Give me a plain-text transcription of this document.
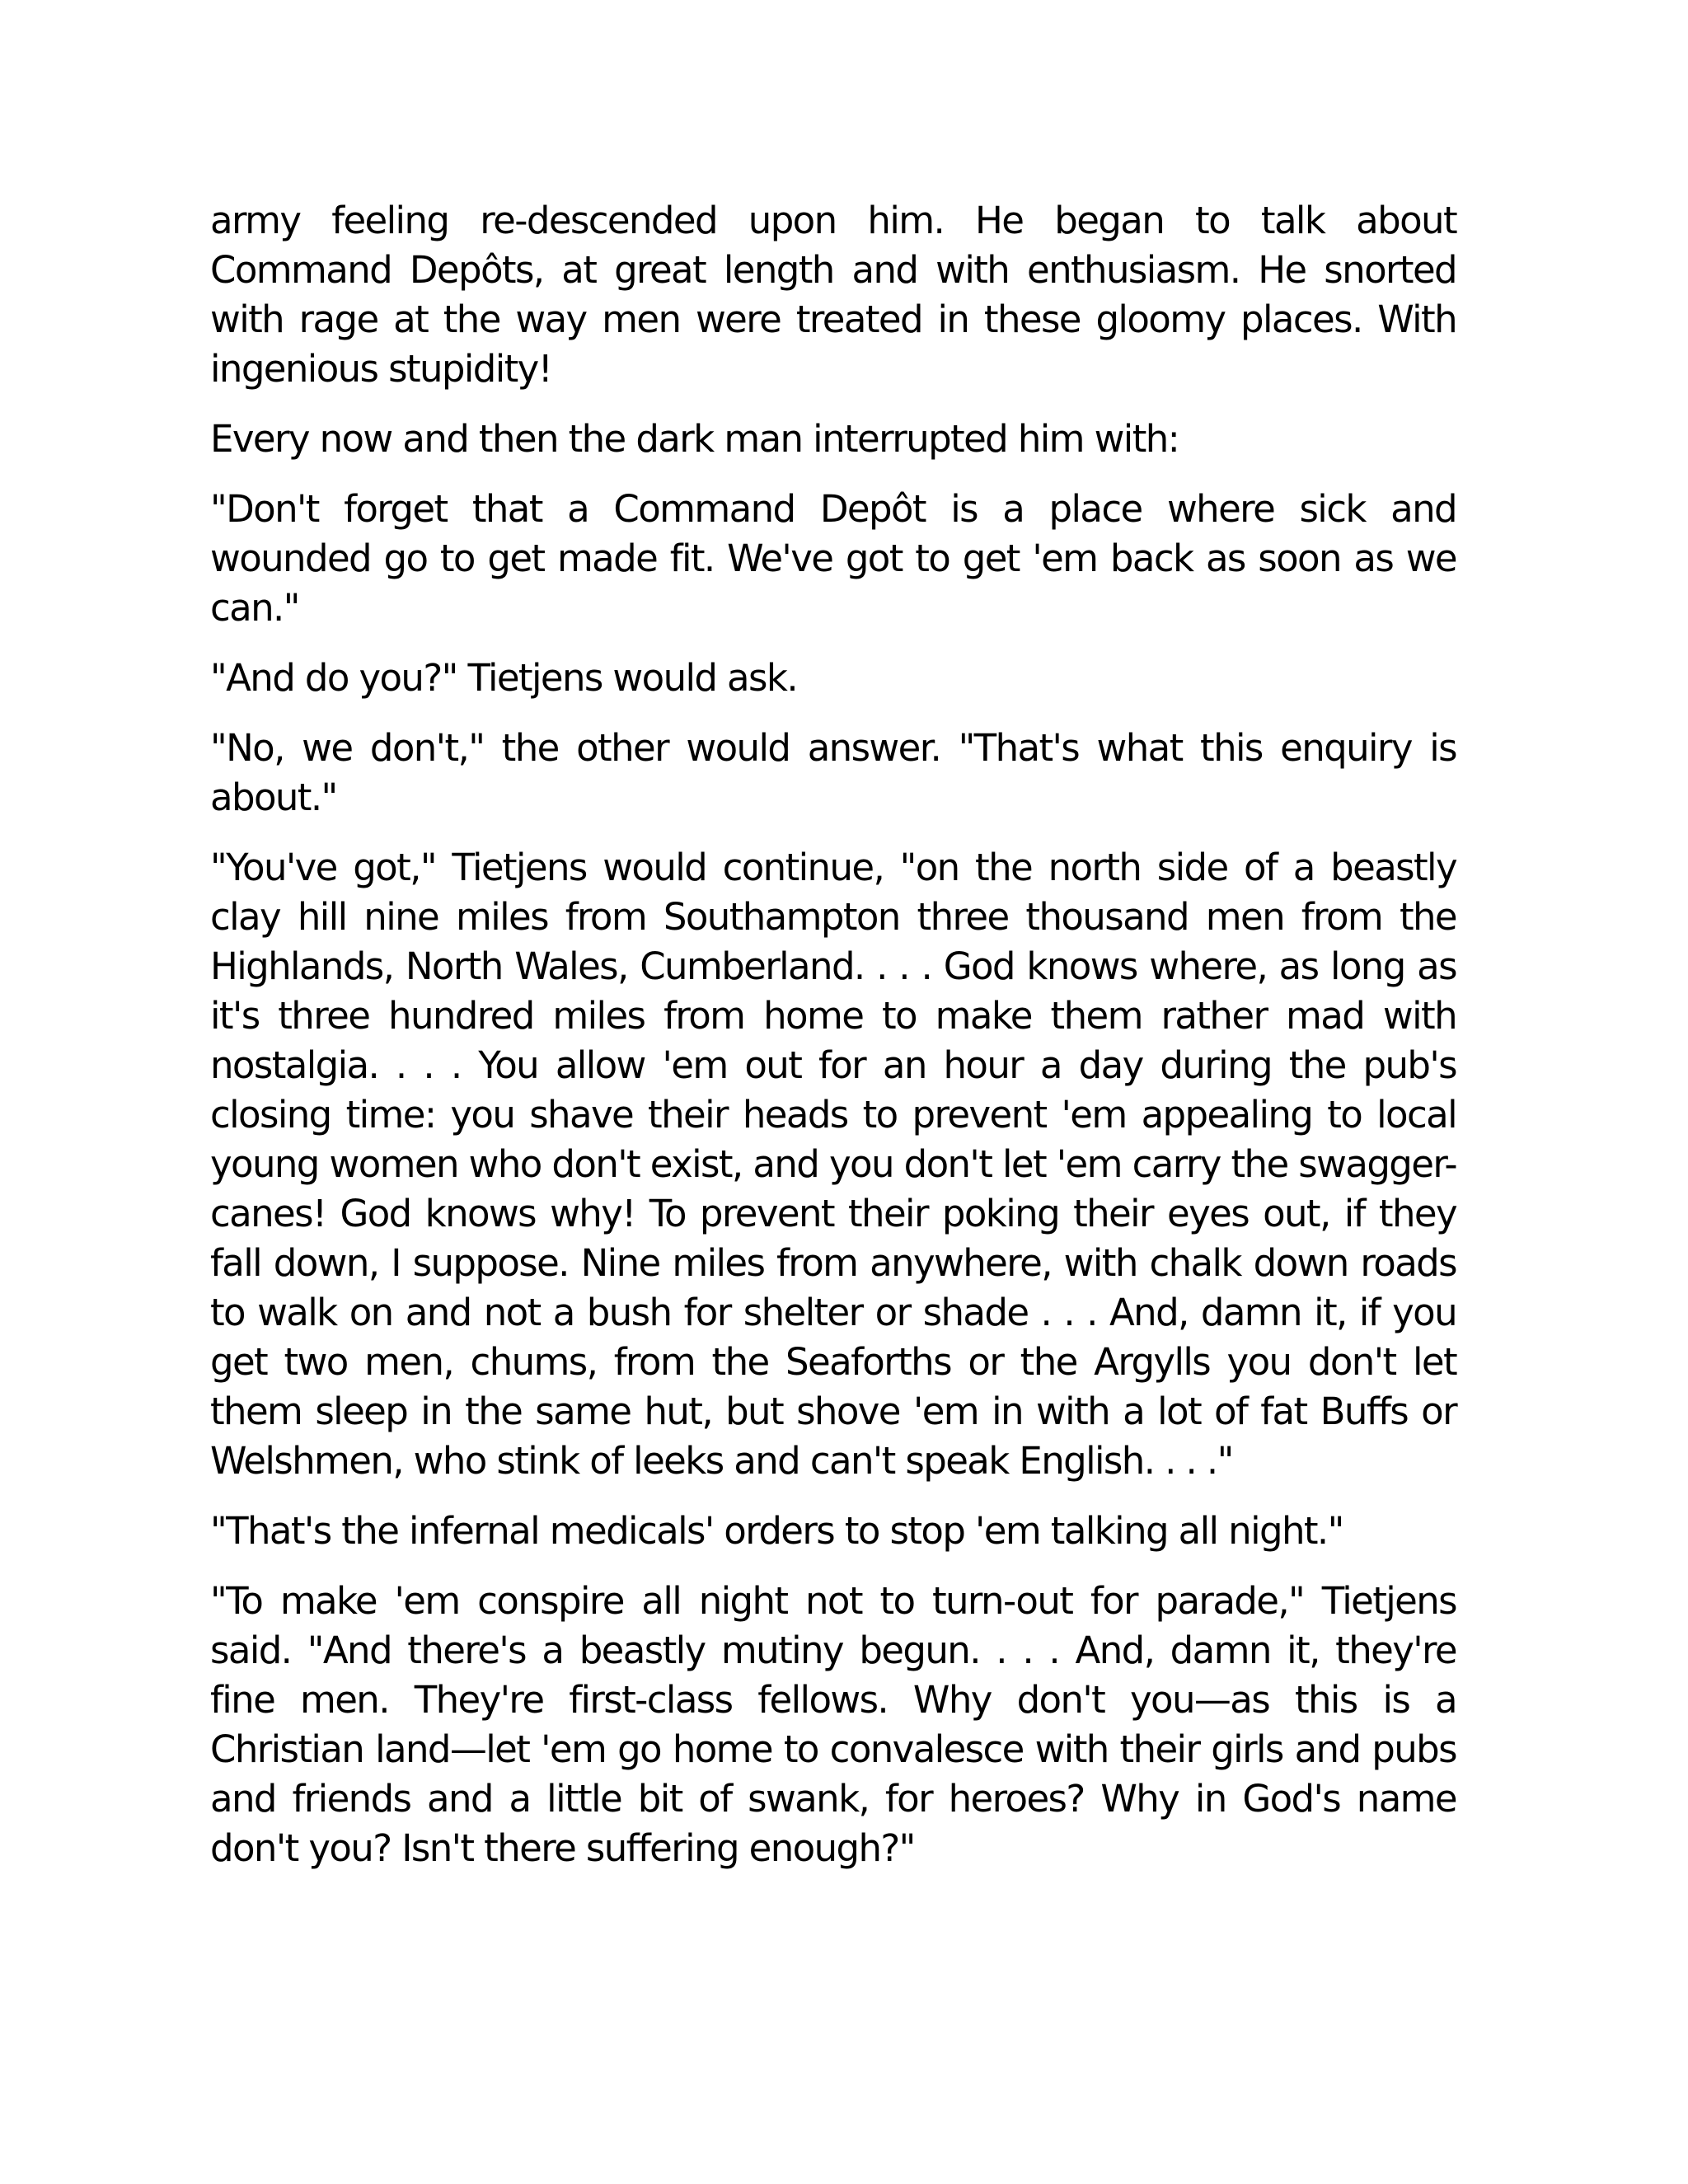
army feeling re-descended upon him. He began to talk about Command Depôts, at great length and with enthusiasm. He snorted with rage at the way men were treated in these gloomy places. With ingenious stupidity!

Every now and then the dark man interrupted him with:

"Don't forget that a Command Depôt is a place where sick and wounded go to get made fit. We've got to get 'em back as soon as we can."

"And do you?" Tietjens would ask.

"No, we don't," the other would answer. "That's what this enquiry is about."

"You've got," Tietjens would continue, "on the north side of a beastly clay hill nine miles from Southampton three thousand men from the Highlands, North Wales, Cumberland. . . . God knows where, as long as it's three hundred miles from home to make them rather mad with nostalgia. . . . You allow 'em out for an hour a day during the pub's closing time: you shave their heads to prevent 'em appealing to local young women who don't exist, and you don't let 'em carry the swagger-canes! God knows why! To prevent their poking their eyes out, if they fall down, I suppose. Nine miles from anywhere, with chalk down roads to walk on and not a bush for shelter or shade . . . And, damn it, if you get two men, chums, from the Seaforths or the Argylls you don't let them sleep in the same hut, but shove 'em in with a lot of fat Buffs or Welshmen, who stink of leeks and can't speak English. . . ."

"That's the infernal medicals' orders to stop 'em talking all night."

"To make 'em conspire all night not to turn-out for parade," Tietjens said. "And there's a beastly mutiny begun. . . . And, damn it, they're fine men. They're first-class fellows. Why don't you—as this is a Christian land—let 'em go home to convalesce with their girls and pubs and friends and a little bit of swank, for heroes? Why in God's name don't you? Isn't there suffering enough?"
